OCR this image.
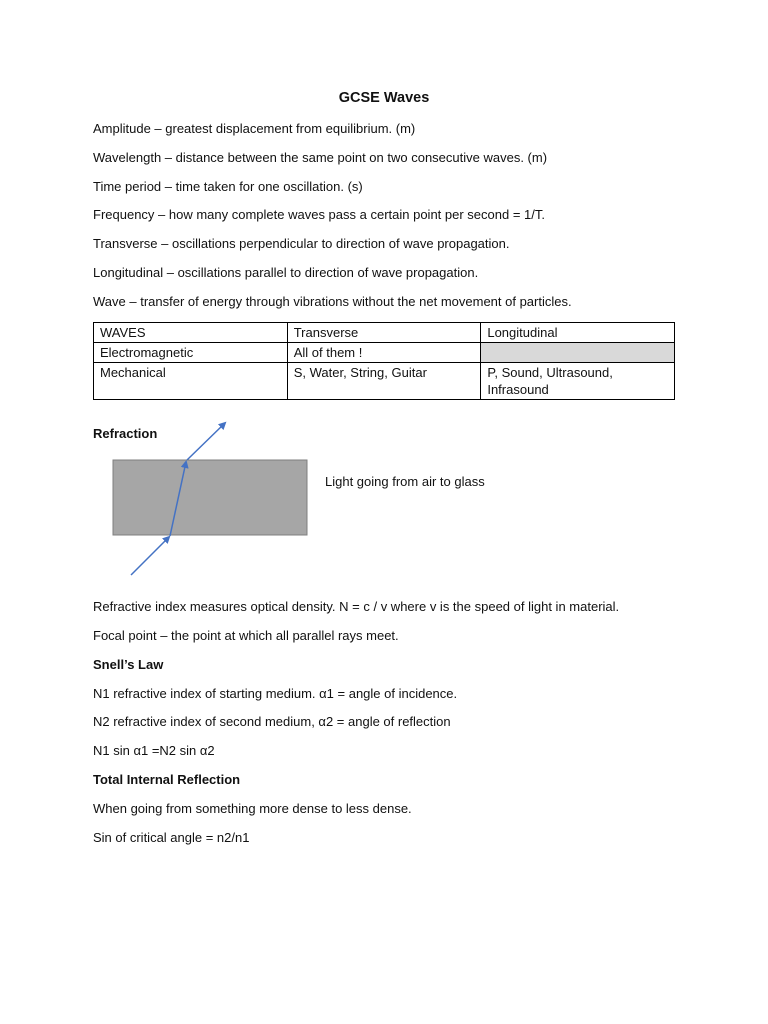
GCSE Waves
Amplitude – greatest displacement from equilibrium. (m)
Wavelength – distance between the same point on two consecutive waves. (m)
Time period – time taken for one oscillation. (s)
Frequency – how many complete waves pass a certain point per second = 1/T.
Transverse – oscillations perpendicular to direction of wave propagation.
Longitudinal – oscillations parallel to direction of wave propagation.
Wave – transfer of energy through vibrations without the net movement of particles.
WAVES	Transverse	Longitudinal
Electromagnetic	All of them !	
Mechanical	S, Water, String, Guitar	P, Sound, Ultrasound, Infrasound
Refraction
Light going from air to glass
Refractive index measures optical density. N = c / v where v is the speed of light in material.
Focal point – the point at which all parallel rays meet.
Snell’s Law
N1 refractive index of starting medium. α1 = angle of incidence.
N2 refractive index of second medium, α2 = angle of reflection
N1 sin α1 =N2 sin α2
Total Internal Reflection
When going from something more dense to less dense.
Sin of critical angle = n2/n1
